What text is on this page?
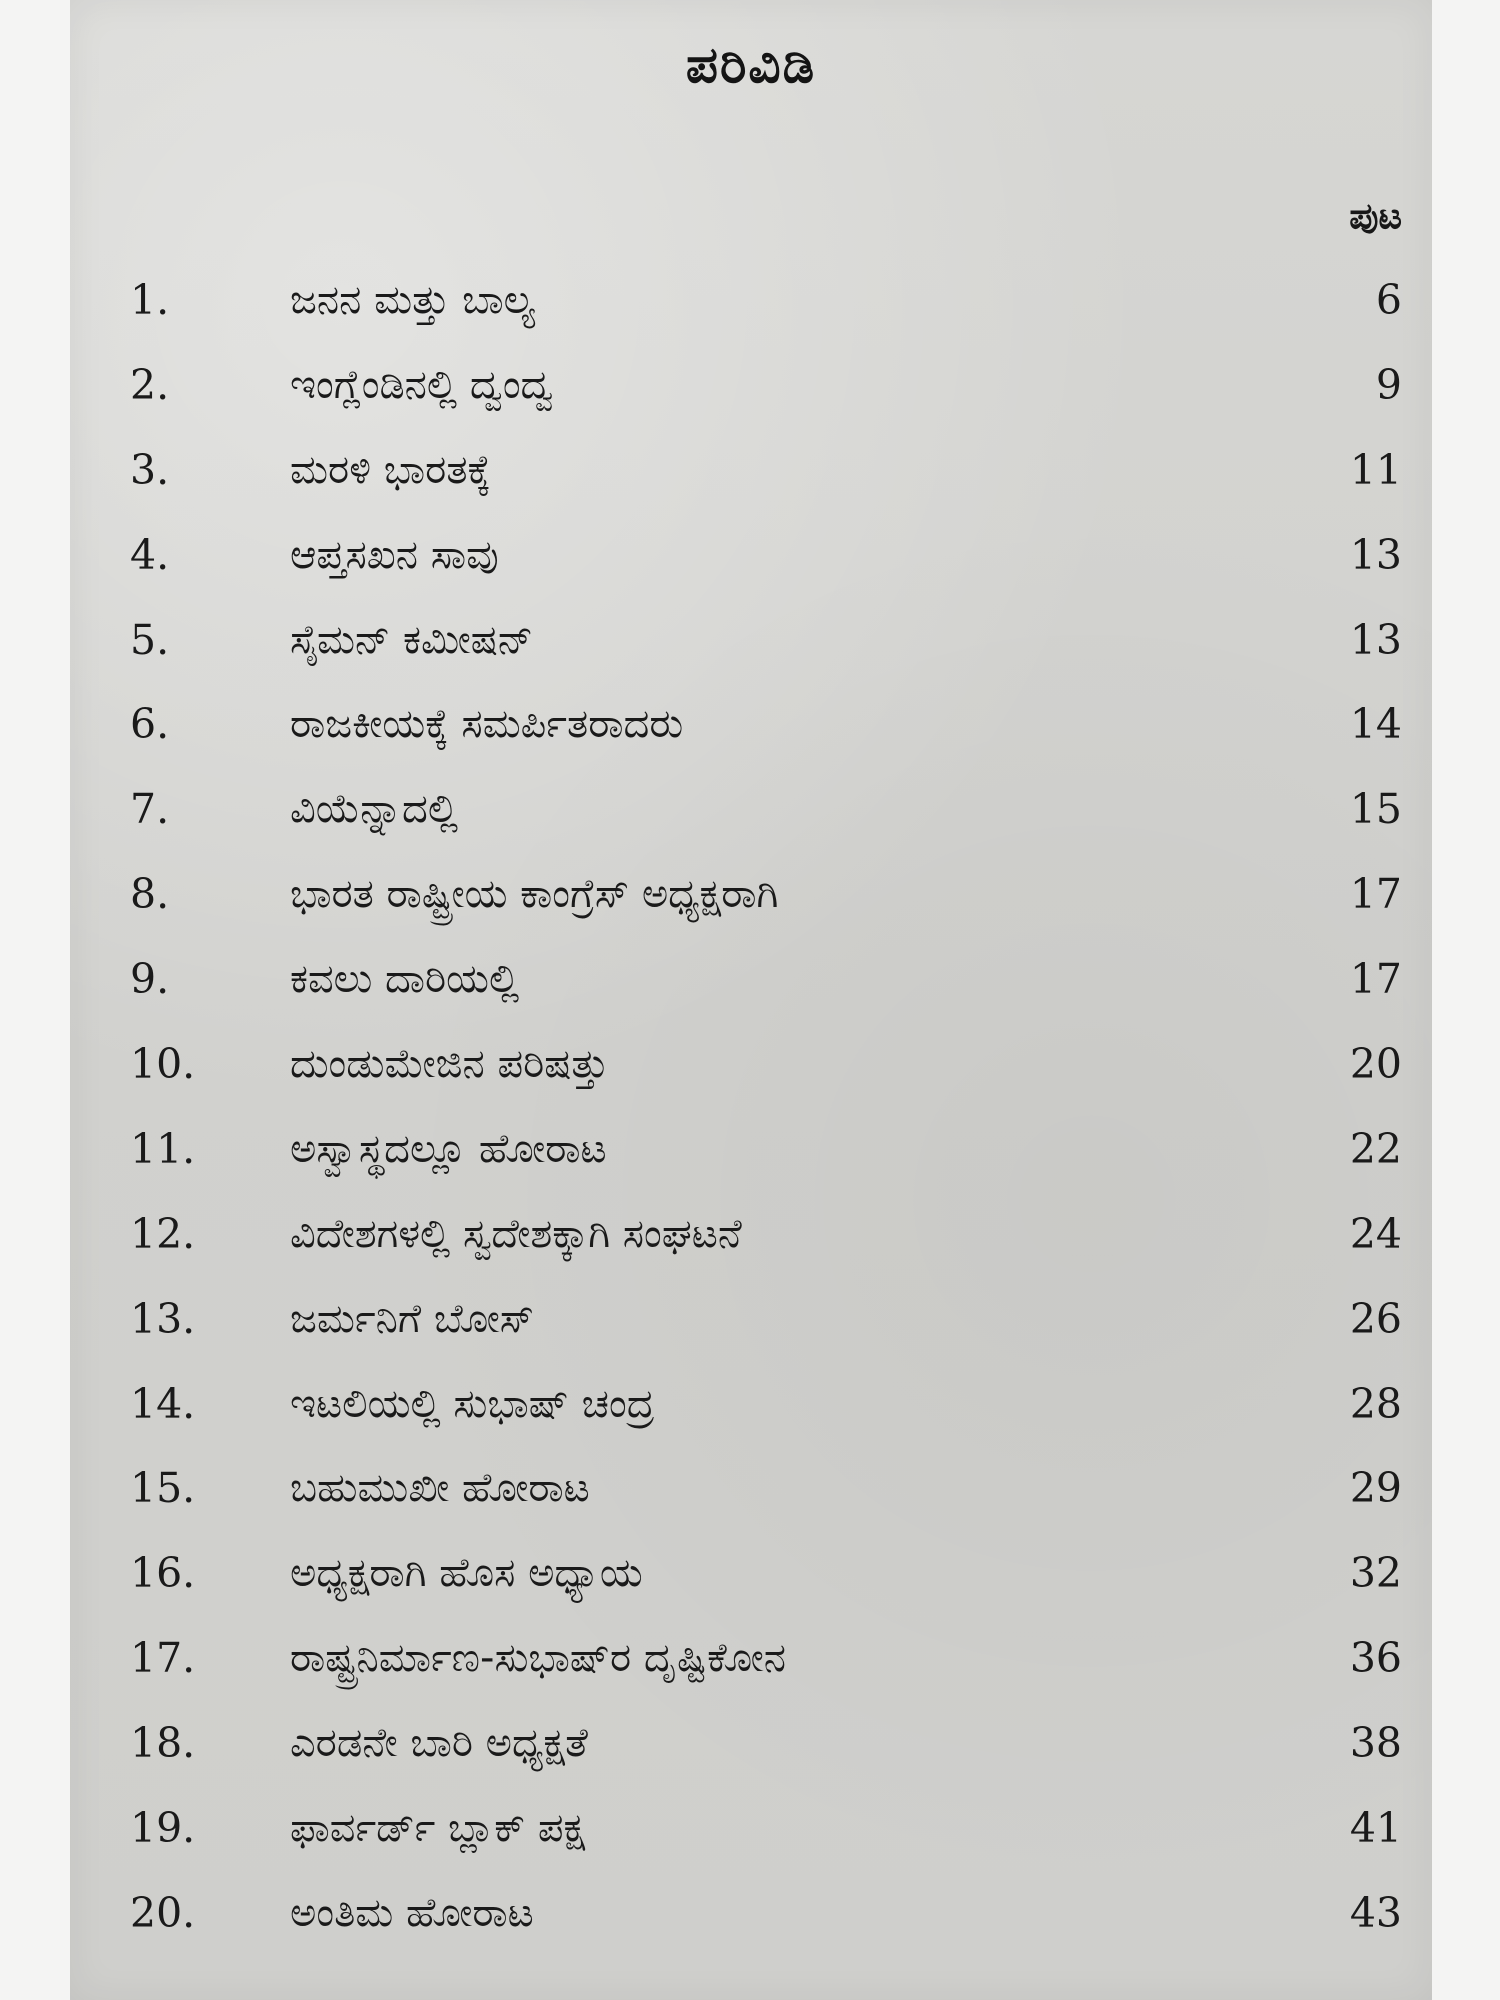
ಪರಿವಿಡಿ
ಪುಟ
1.	ಜನನ ಮತ್ತು ಬಾಲ್ಯ	6
2.	ಇಂಗ್ಲೆಂಡಿನಲ್ಲಿ ದ್ವಂದ್ವ	9
3.	ಮರಳಿ ಭಾರತಕ್ಕೆ	11
4.	ಆಪ್ತಸಖನ ಸಾವು	13
5.	ಸೈಮನ್ ಕಮೀಷನ್	13
6.	ರಾಜಕೀಯಕ್ಕೆ ಸಮರ್ಪಿತರಾದರು	14
7.	ವಿಯೆನ್ನಾದಲ್ಲಿ	15
8.	ಭಾರತ ರಾಷ್ಟ್ರೀಯ ಕಾಂಗ್ರೆಸ್ ಅಧ್ಯಕ್ಷರಾಗಿ	17
9.	ಕವಲು ದಾರಿಯಲ್ಲಿ	17
10.	ದುಂಡುಮೇಜಿನ ಪರಿಷತ್ತು	20
11.	ಅಸ್ವಾಸ್ಥದಲ್ಲೂ ಹೋರಾಟ	22
12.	ವಿದೇಶಗಳಲ್ಲಿ ಸ್ವದೇಶಕ್ಕಾಗಿ ಸಂಘಟನೆ	24
13.	ಜರ್ಮನಿಗೆ ಬೋಸ್	26
14.	ಇಟಲಿಯಲ್ಲಿ ಸುಭಾಷ್ ಚಂದ್ರ	28
15.	ಬಹುಮುಖೀ ಹೋರಾಟ	29
16.	ಅಧ್ಯಕ್ಷರಾಗಿ ಹೊಸ ಅಧ್ಯಾಯ	32
17.	ರಾಷ್ಟ್ರನಿರ್ಮಾಣ-ಸುಭಾಷ್‌ರ ದೃಷ್ಟಿಕೋನ	36
18.	ಎರಡನೇ ಬಾರಿ ಅಧ್ಯಕ್ಷತೆ	38
19.	ಫಾರ್ವರ್ಡ್ ಬ್ಲಾಕ್ ಪಕ್ಷ	41
20.	ಅಂತಿಮ ಹೋರಾಟ	43
